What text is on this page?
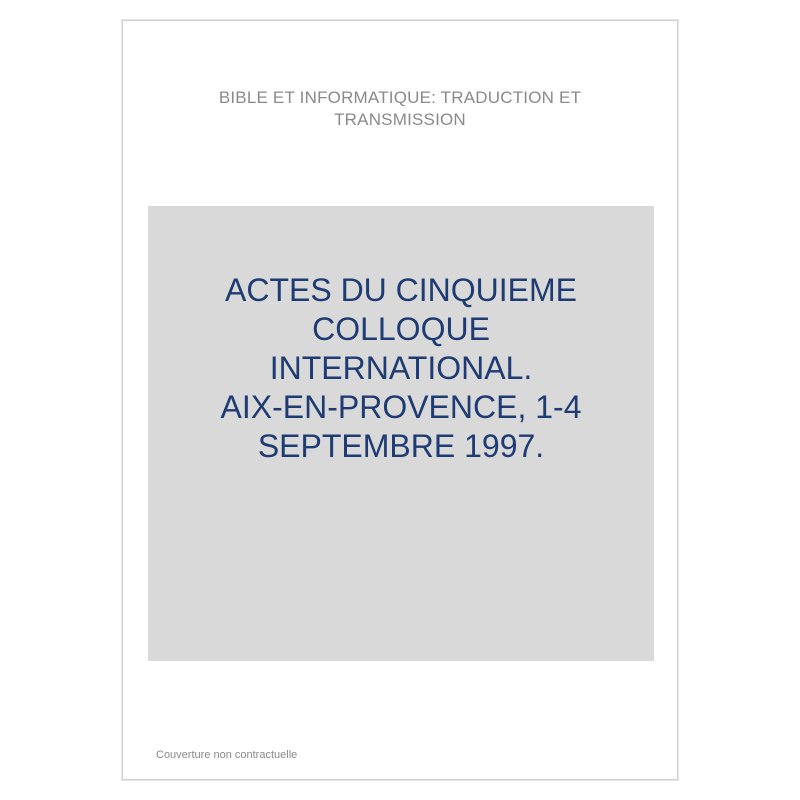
BIBLE ET INFORMATIQUE: TRADUCTION ET
TRANSMISSION
ACTES DU CINQUIEME
COLLOQUE
INTERNATIONAL.
AIX-EN-PROVENCE, 1-4
SEPTEMBRE 1997.
Couverture non contractuelle
